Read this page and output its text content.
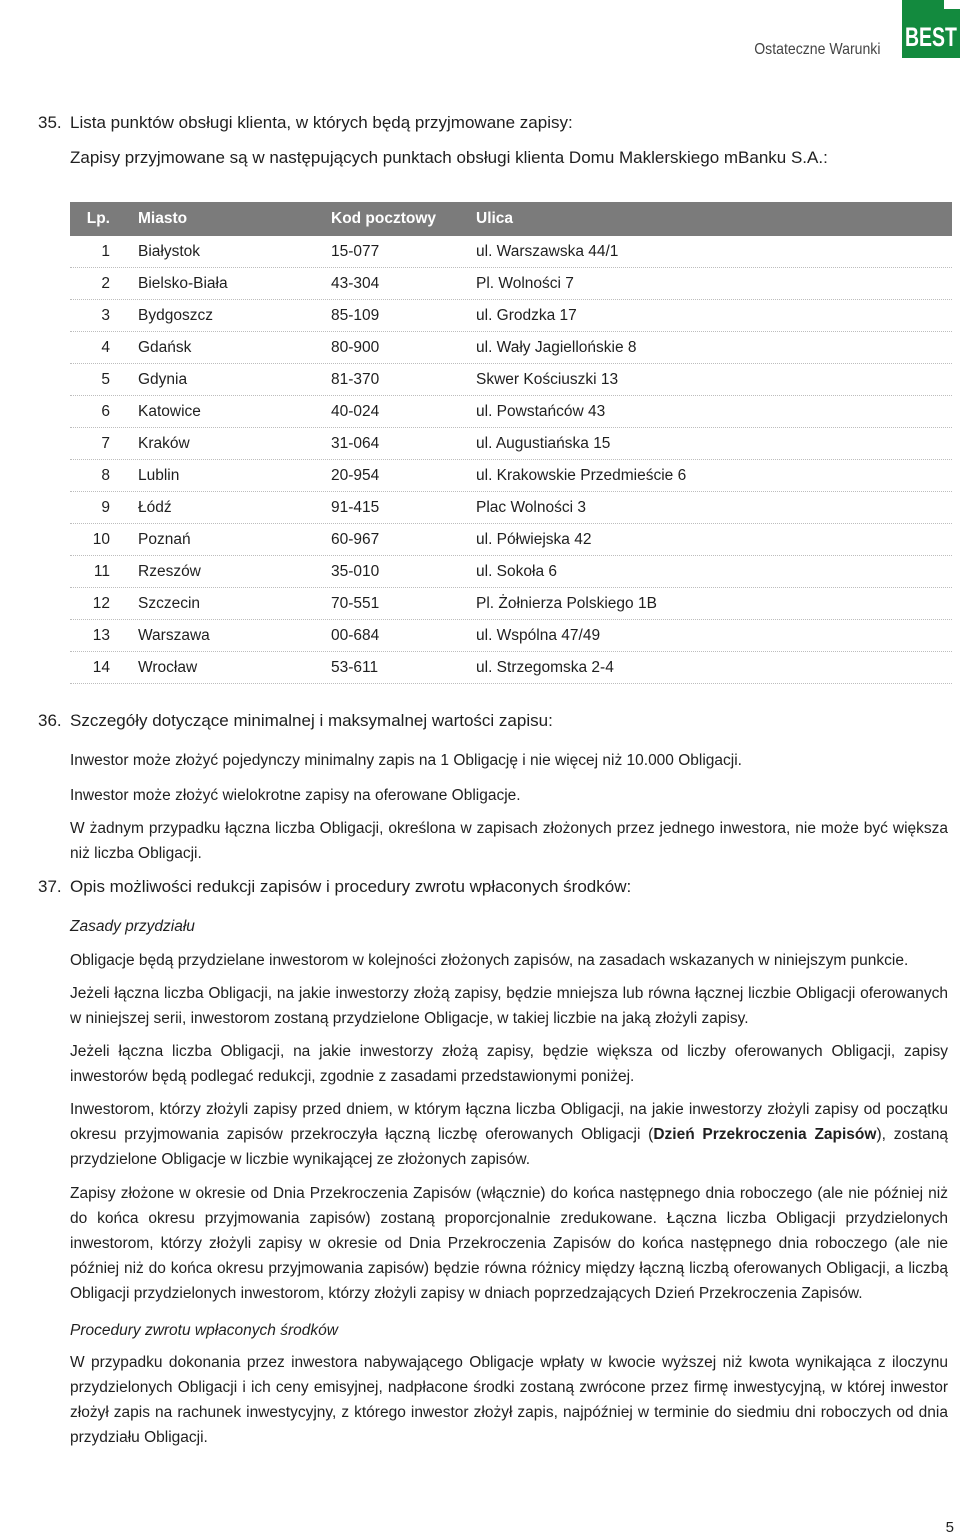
Ostateczne Warunki BEST
35. Lista punktów obsługi klienta, w których będą przyjmowane zapisy:
Zapisy przyjmowane są w następujących punktach obsługi klienta Domu Maklerskiego mBanku S.A.:
Lp. Miasto	Kod pocztowy	Ulica
1 Białystok	15-077	ul. Warszawska 44/1
2 Bielsko-Biała	43-304	Pl. Wolności 7
3 Bydgoszcz	85-109	ul. Grodzka 17
4 Gdańsk	80-900	ul. Wały Jagiellońskie 8
5 Gdynia	81-370	Skwer Kościuszki 13
6 Katowice	40-024	ul. Powstańców 43
7 Kraków	31-064	ul. Augustiańska 15
8 Lublin	20-954	ul. Krakowskie Przedmieście 6
9 Łódź	91-415	Plac Wolności 3
10 Poznań	60-967	ul. Półwiejska 42
11 Rzeszów	35-010	ul. Sokoła 6
12 Szczecin	70-551	Pl. Żołnierza Polskiego 1B
13 Warszawa	00-684	ul. Wspólna 47/49
14 Wrocław	53-611	ul. Strzegomska 2-4
36. Szczegóły dotyczące minimalnej i maksymalnej wartości zapisu:
Inwestor może złożyć pojedynczy minimalny zapis na 1 Obligację i nie więcej niż 10.000 Obligacji.
Inwestor może złożyć wielokrotne zapisy na oferowane Obligacje.
W żadnym przypadku łączna liczba Obligacji, określona w zapisach złożonych przez jednego inwestora, nie może być większa niż liczba Obligacji.
37. Opis możliwości redukcji zapisów i procedury zwrotu wpłaconych środków:
Zasady przydziału
Obligacje będą przydzielane inwestorom w kolejności złożonych zapisów, na zasadach wskazanych w niniejszym punkcie.
Jeżeli łączna liczba Obligacji, na jakie inwestorzy złożą zapisy, będzie mniejsza lub równa łącznej liczbie Obligacji oferowanych w niniejszej serii, inwestorom zostaną przydzielone Obligacje, w takiej liczbie na jaką złożyli zapisy.
Jeżeli łączna liczba Obligacji, na jakie inwestorzy złożą zapisy, będzie większa od liczby oferowanych Obligacji, zapisy inwestorów będą podlegać redukcji, zgodnie z zasadami przedstawionymi poniżej.
Inwestorom, którzy złożyli zapisy przed dniem, w którym łączna liczba Obligacji, na jakie inwestorzy złożyli zapisy od początku okresu przyjmowania zapisów przekroczyła łączną liczbę oferowanych Obligacji (Dzień Przekroczenia Zapisów), zostaną przydzielone Obligacje w liczbie wynikającej ze złożonych zapisów.
Zapisy złożone w okresie od Dnia Przekroczenia Zapisów (włącznie) do końca następnego dnia roboczego (ale nie później niż do końca okresu przyjmowania zapisów) zostaną proporcjonalnie zredukowane. Łączna liczba Obligacji przydzielonych inwestorom, którzy złożyli zapisy w okresie od Dnia Przekroczenia Zapisów do końca następnego dnia roboczego (ale nie później niż do końca okresu przyjmowania zapisów) będzie równa różnicy między łączną liczbą oferowanych Obligacji, a liczbą Obligacji przydzielonych inwestorom, którzy złożyli zapisy w dniach poprzedzających Dzień Przekroczenia Zapisów.
Procedury zwrotu wpłaconych środków
W przypadku dokonania przez inwestora nabywającego Obligacje wpłaty w kwocie wyższej niż kwota wynikająca z iloczynu przydzielonych Obligacji i ich ceny emisyjnej, nadpłacone środki zostaną zwrócone przez firmę inwestycyjną, w której inwestor złożył zapis na rachunek inwestycyjny, z którego inwestor złożył zapis, najpóźniej w terminie do siedmiu dni roboczych od dnia przydziału Obligacji.
5
